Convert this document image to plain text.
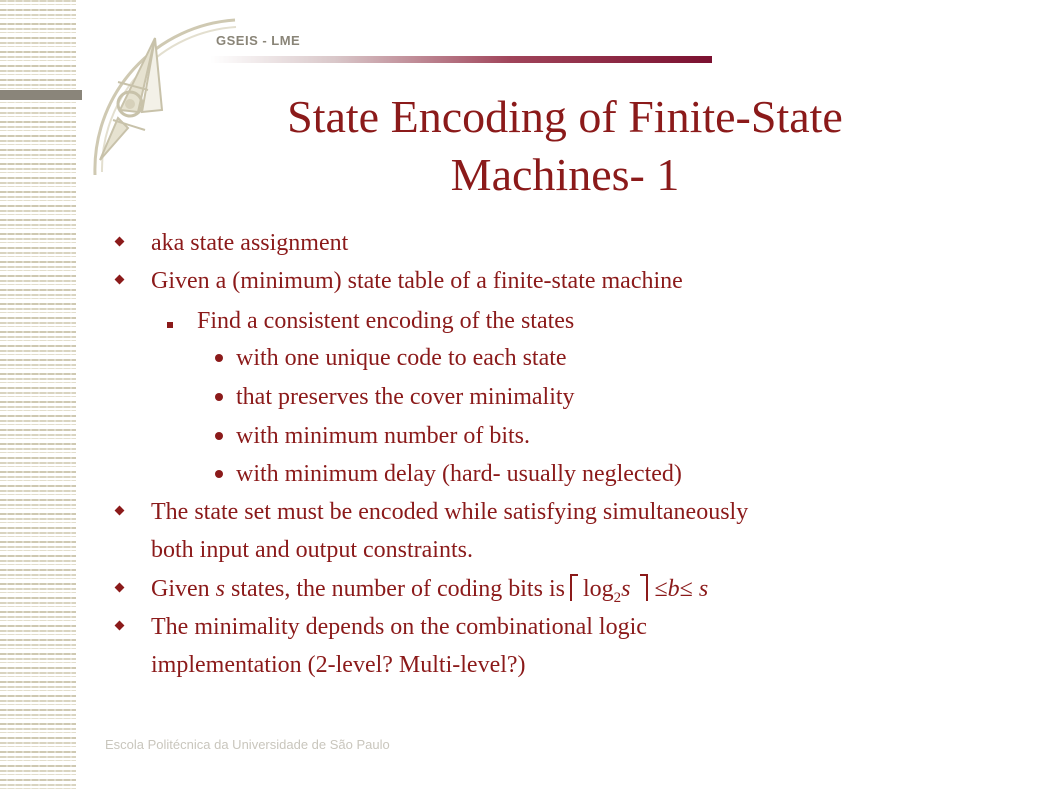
GSEIS - LME
State Encoding of Finite-State
Machines- 1
aka state assignment
Given a (minimum) state table of a finite-state machine
Find a consistent encoding of the states
with one unique code to each state
that preserves the cover minimality
with minimum number of bits.
with minimum delay (hard- usually neglected)
The state set must be encoded while satisfying simultaneously
both input and output constraints.
Given s states, the number of coding bits is $\log_2s \le b\le s$
The minimality depends on the combinational logic
implementation (2-level? Multi-level?)
Escola Politécnica da Universidade de São Paulo
